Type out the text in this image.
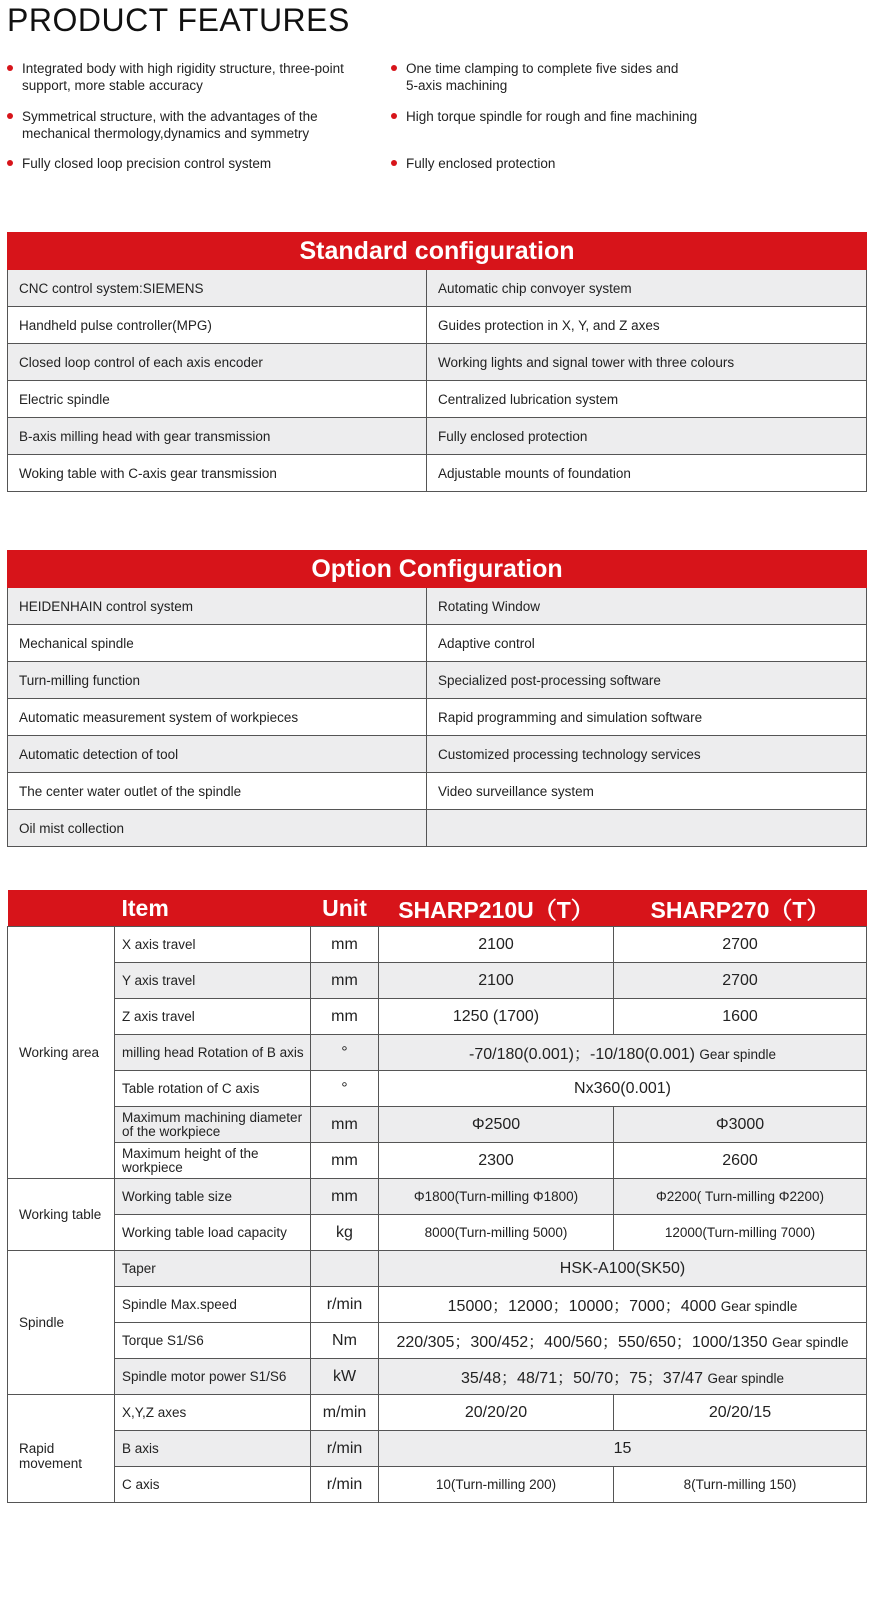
PRODUCT FEATURES
Integrated body with high rigidity structure, three-point
support, more stable accuracy
Symmetrical structure, with the advantages of the
mechanical thermology,dynamics and symmetry
Fully closed loop precision control system
One time clamping to complete five sides and
5-axis machining
High torque spindle for rough and fine machining
Fully enclosed protection
Standard configuration	
CNC control system:SIEMENS	Automatic chip convoyer system
Handheld pulse controller(MPG)	Guides protection in X, Y, and Z axes
Closed loop control of each axis encoder	Working lights and signal tower with three colours
Electric spindle	Centralized lubrication system
B-axis milling head with gear transmission	Fully enclosed protection
Woking table with C-axis gear transmission	Adjustable mounts of foundation
Option Configuration	
HEIDENHAIN control system	Rotating Window
Mechanical spindle	Adaptive control
Turn-milling function	Specialized post-processing software
Automatic measurement system of workpieces	Rapid programming and simulation software
Automatic detection of tool	Customized processing technology services
The center water outlet of the spindle	Video surveillance system
Oil mist collection	
	Item	Unit	SHARP210U（T）	SHARP270（T）
Working area	X axis travel	mm	2100	2700
	Y axis travel	mm	2100	2700
	Z axis travel	mm	1250 (1700)	1600
	milling head Rotation of B axis	°	-70/180(0.001)；-10/180(0.001) Gear spindle	
	Table rotation of C axis	°	Nx360(0.001)	
	Maximum machining diameter of the workpiece	mm	Φ2500	Φ3000
	Maximum height of the workpiece	mm	2300	2600
Working table	Working table size	mm	Φ1800(Turn-milling Φ1800)	Φ2200( Turn-milling Φ2200)
	Working table load capacity	kg	8000(Turn-milling 5000)	12000(Turn-milling 7000)
Spindle	Taper		HSK-A100(SK50)	
	Spindle Max.speed	r/min	15000；12000；10000；7000；4000 Gear spindle	
	Torque S1/S6	Nm	220/305；300/452；400/560；550/650；1000/1350 Gear spindle	
	Spindle motor power S1/S6	kW	35/48；48/71；50/70；75；37/47 Gear spindle	
Rapid movement	X,Y,Z axes	m/min	20/20/20	20/20/15
	B axis	r/min	15	
	C axis	r/min	10(Turn-milling 200)	8(Turn-milling 150)
